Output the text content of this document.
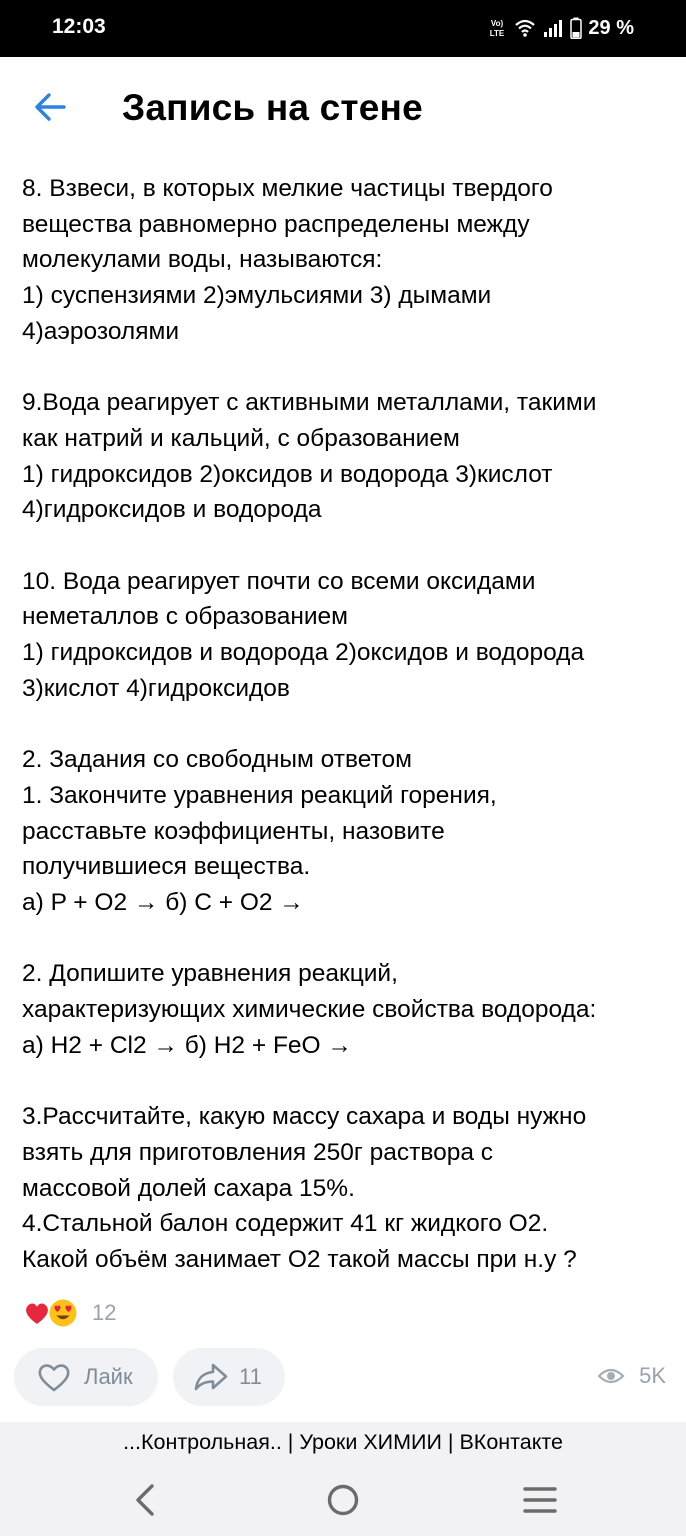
12:03	Vo)
LTE	29 %
Запись на стене

8. Взвеси, в которых мелкие частицы твердого
вещества равномерно распределены между
молекулами воды, называются:
1) суспензиями 2)эмульсиями 3) дымами
4)аэрозолями

9.Вода реагирует с активными металлами, такими
как натрий и кальций, с образованием
1) гидроксидов 2)оксидов и водорода 3)кислот
4)гидроксидов и водорода

10. Вода реагирует почти со всеми оксидами
неметаллов с образованием
1) гидроксидов и водорода 2)оксидов и водорода
3)кислот 4)гидроксидов

2. Задания со свободным ответом
1. Закончите уравнения реакций горения,
расставьте коэффициенты, назовите
получившиеся вещества.
а) P + O2 → б) C + O2 →

2. Допишите уравнения реакций,
характеризующих химические свойства водорода:
а) H2 + Cl2 → б) H2 + FeO →

3.Рассчитайте, какую массу сахара и воды нужно
взять для приготовления 250г раствора с
массовой долей сахара 15%.
4.Стальной балон содержит 41 кг жидкого О2.
Какой объём занимает О2 такой массы при н.у ?

12
Лайк	11	5K
...Контрольная.. | Уроки ХИМИИ | ВКонтакте
